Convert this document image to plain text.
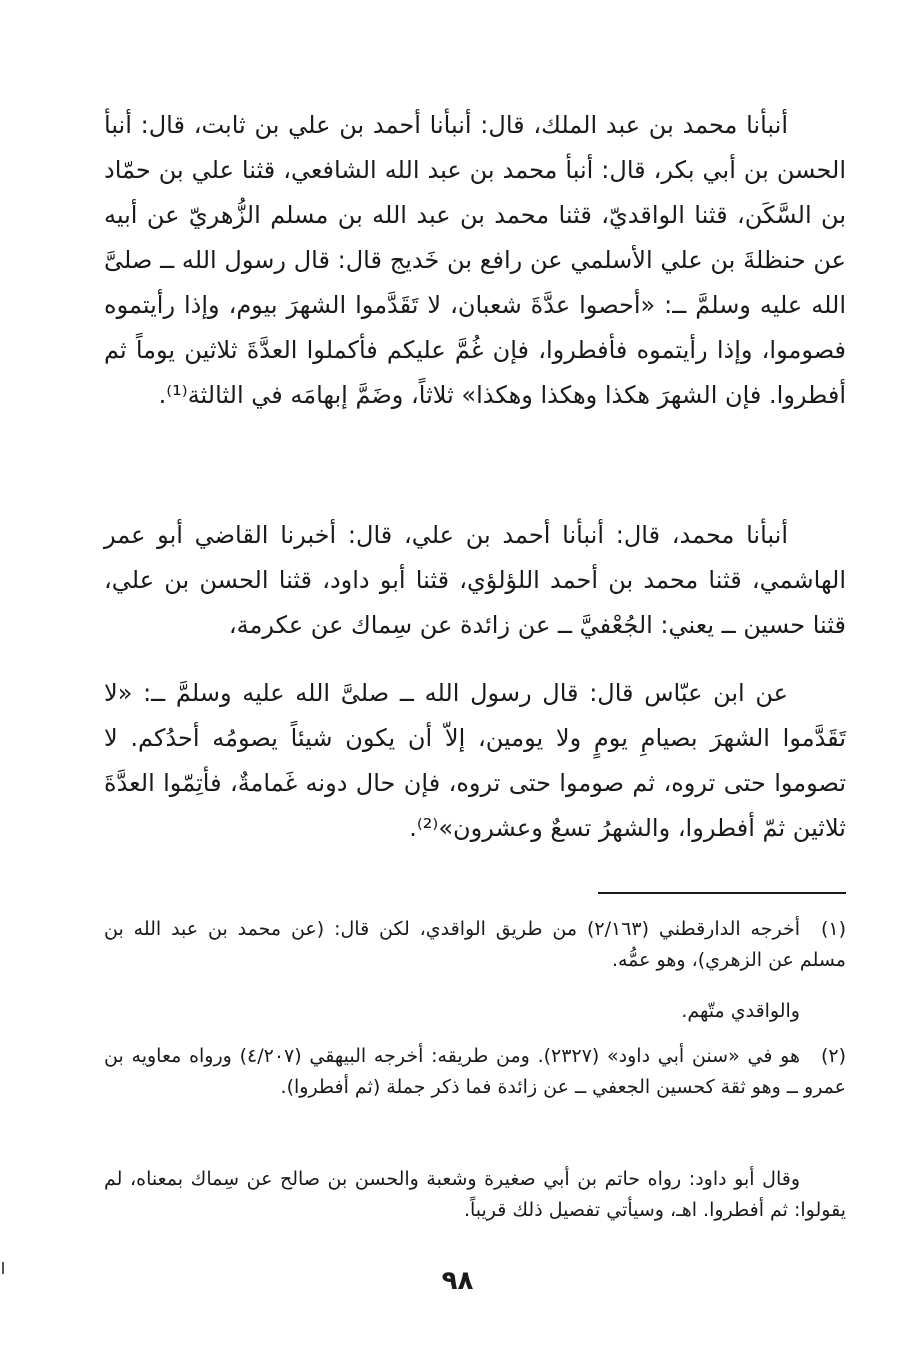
أنبأنا محمد بن عبد الملك، قال: أنبأنا أحمد بن علي بن ثابت، قال: أنبأ الحسن بن أبي بكر، قال: أنبأ محمد بن عبد الله الشافعي، قثنا علي بن حمّاد بن السَّكَن، قثنا الواقديّ، قثنا محمد بن عبد الله بن مسلم الزُّهريّ عن أبيه عن حنظلةَ بن علي الأسلمي عن رافع بن خَديج قال: قال رسول الله ــ صلىَّ الله عليه وسلمَّ ــ: «أحصوا عدَّةَ شعبان، لا تَقَدَّموا الشهرَ بيوم، وإذا رأيتموه فصوموا، وإذا رأيتموه فأفطروا، فإن غُمَّ عليكم فأكملوا العدَّةَ ثلاثين يوماً ثم أفطروا. فإن الشهرَ هكذا وهكذا وهكذا» ثلاثاً، وضَمَّ إبهامَه في الثالثة⁽¹⁾.

أنبأنا محمد، قال: أنبأنا أحمد بن علي، قال: أخبرنا القاضي أبو عمر الهاشمي، قثنا محمد بن أحمد اللؤلؤي، قثنا أبو داود، قثنا الحسن بن علي، قثنا حسين ــ يعني: الجُعْفيَّ ــ عن زائدة عن سِماك عن عكرمة،

عن ابن عبّاس قال: قال رسول الله ــ صلىَّ الله عليه وسلمَّ ــ: «لا تَقَدَّموا الشهرَ بصيامِ يومٍ ولا يومين، إلاّ أن يكون شيئاً يصومُه أحدُكم. لا تصوموا حتى تروه، ثم صوموا حتى تروه، فإن حال دونه غَمامةٌ، فأتِمّوا العدَّةَ ثلاثين ثمّ أفطروا، والشهرُ تسعٌ وعشرون»⁽²⁾.

(١)أخرجه الدارقطني (٢/١٦٣) من طريق الواقدي، لكن قال: (عن محمد بن عبد الله بن مسلم عن الزهري)، وهو عمُّه.

والواقدي متّهم.

(٢)هو في «سنن أبي داود» (٢٣٢٧). ومن طريقه: أخرجه البيهقي (٤/٢٠٧) ورواه معاويه بن عمرو ــ وهو ثقة كحسين الجعفي ــ عن زائدة فما ذكر جملة (ثم أفطروا).

وقال أبو داود: رواه حاتم بن أبي صغيرة وشعبة والحسن بن صالح عن سِماك بمعناه، لم يقولوا: ثم أفطروا. اهـ، وسيأتي تفصيل ذلك قريباً.

٩٨
